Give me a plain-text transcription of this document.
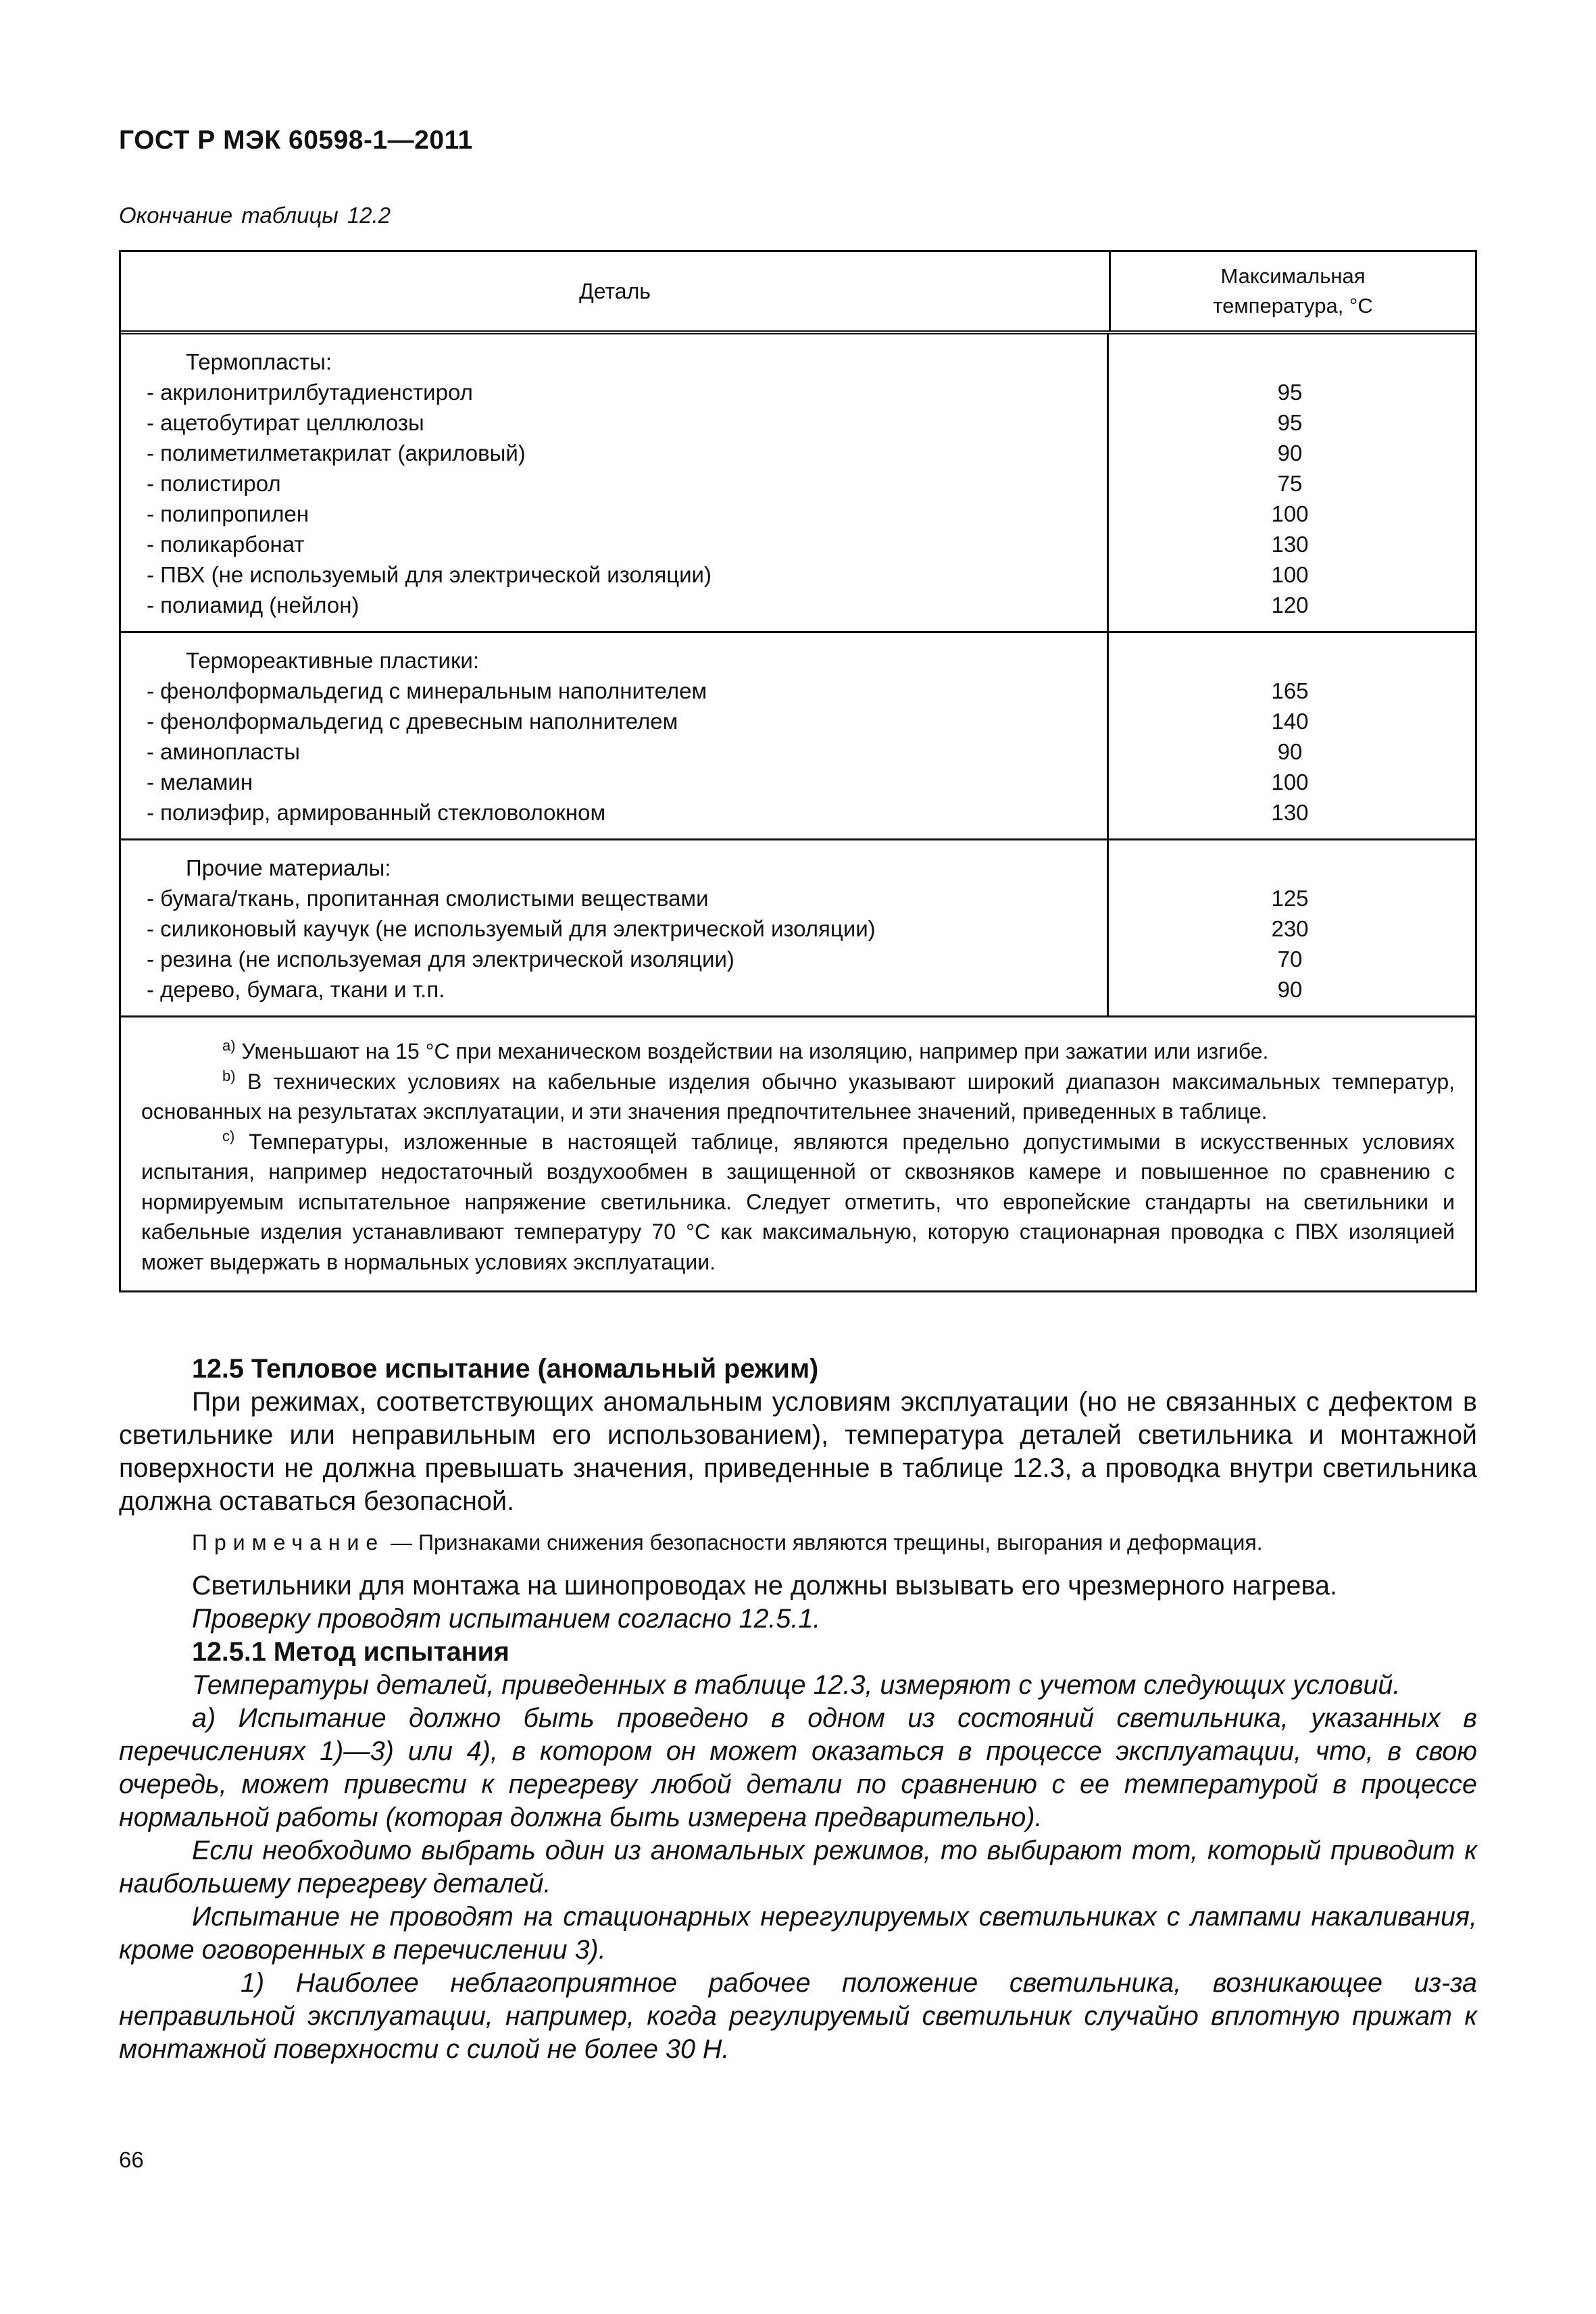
ГОСТ Р МЭК 60598-1—2011
Окончание таблицы 12.2
Деталь
Максимальная
температура, °С
Термопласты:
- акрилонитрилбутадиенстирол
- ацетобутират целлюлозы
- полиметилметакрилат (акриловый)
- полистирол
- полипропилен
- поликарбонат
- ПВХ (не используемый для электрической изоляции)
- полиамид (нейлон)
95
95
90
75
100
130
100
120
Термореактивные пластики:
- фенолформальдегид с минеральным наполнителем
- фенолформальдегид с древесным наполнителем
- аминопласты
- меламин
- полиэфир, армированный стекловолокном
165
140
90
100
130
Прочие материалы:
- бумага/ткань, пропитанная смолистыми веществами
- силиконовый каучук (не используемый для электрической изоляции)
- резина (не используемая для электрической изоляции)
- дерево, бумага, ткани и т.п.
125
230
70
90

$^{a)}$ Уменьшают на 15 °С при механическом воздействии на изоляцию, например при зажатии или изгибе.

$^{b)}$ В технических условиях на кабельные изделия обычно указывают широкий диапазон максимальных температур, основанных на результатах эксплуатации, и эти значения предпочтительнее значений, приведенных в таблице.

$^{c)}$ Температуры, изложенные в настоящей таблице, являются предельно допустимыми в искусственных условиях испытания, например недостаточный воздухообмен в защищенной от сквозняков камере и повышенное по сравнению с нормируемым испытательное напряжение светильника. Следует отметить, что европейские стандарты на светильники и кабельные изделия устанавливают температуру 70 °С как максимальную, которую стационарная проводка с ПВХ изоляцией может выдержать в нормальных условиях эксплуатации.

12.5 Тепловое испытание (аномальный режим)

При режимах, соответствующих аномальным условиям эксплуатации (но не связанных с дефектом в светильнике или неправильным его использованием), температура деталей светильника и монтажной поверхности не должна превышать значения, приведенные в таблице 12.3, а проводка внутри светильника должна оставаться безопасной.

Примечание — Признаками снижения безопасности являются трещины, выгорания и деформация.

Светильники для монтажа на шинопроводах не должны вызывать его чрезмерного нагрева.

Проверку проводят испытанием согласно 12.5.1.

12.5.1 Метод испытания

Температуры деталей, приведенных в таблице 12.3, измеряют с учетом следующих условий.

а) Испытание должно быть проведено в одном из состояний светильника, указанных в перечислениях 1)—3) или 4), в котором он может оказаться в процессе эксплуатации, что, в свою очередь, может привести к перегреву любой детали по сравнению с ее температурой в процессе нормальной работы (которая должна быть измерена предварительно).

Если необходимо выбрать один из аномальных режимов, то выбирают тот, который приводит к наибольшему перегреву деталей.

Испытание не проводят на стационарных нерегулируемых светильниках с лампами накаливания, кроме оговоренных в перечислении 3).

1) Наиболее неблагоприятное рабочее положение светильника, возникающее из-за неправильной эксплуатации, например, когда регулируемый светильник случайно вплотную прижат к монтажной поверхности с силой не более 30 Н.

66
